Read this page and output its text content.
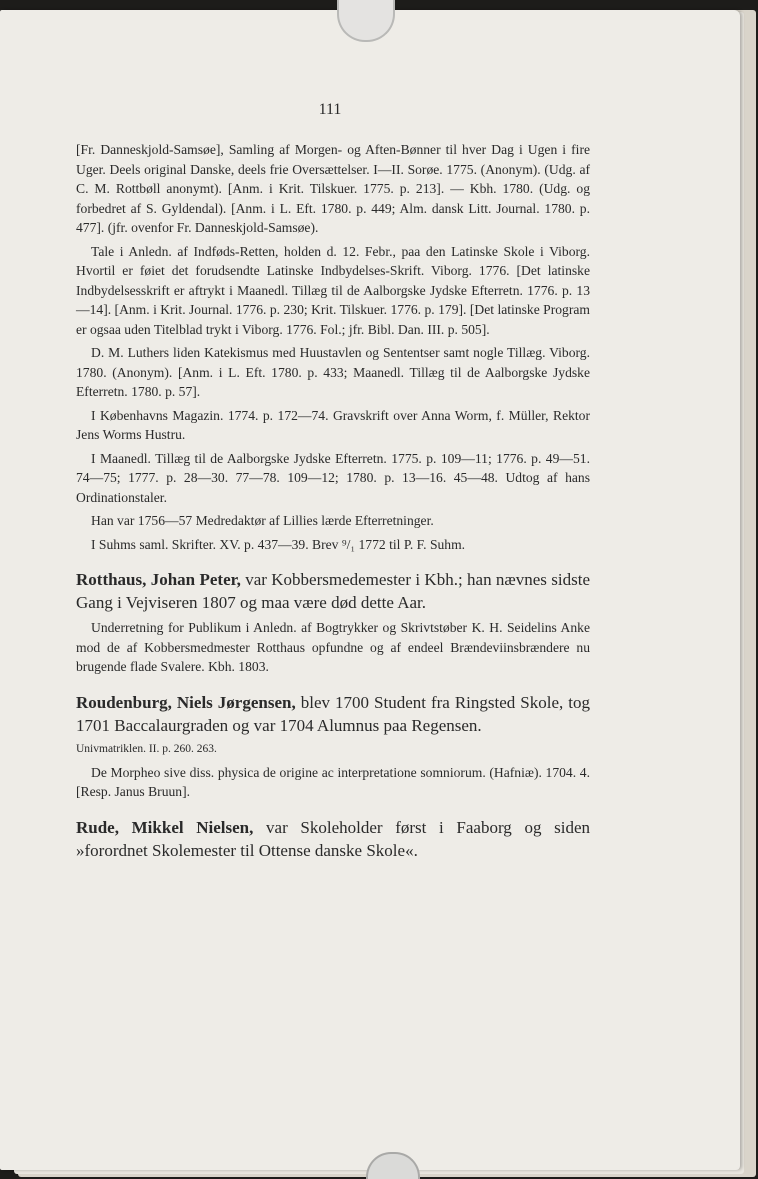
111

[Fr. Danneskjold-Samsøe], Samling af Morgen- og Aften-Bønner til hver Dag i Ugen i fire Uger. Deels original Danske, deels frie Oversættelser. I—II. Sorøe. 1775. (Anonym). (Udg. af C. M. Rottbøll anonymt). [Anm. i Krit. Tilskuer. 1775. p. 213]. — Kbh. 1780. (Udg. og forbedret af S. Gyldendal). [Anm. i L. Eft. 1780. p. 449; Alm. dansk Litt. Journal. 1780. p. 477]. (jfr. ovenfor Fr. Danneskjold-Samsøe).

Tale i Anledn. af Indføds-Retten, holden d. 12. Febr., paa den Latinske Skole i Viborg. Hvortil er føiet det forudsendte Latinske Indbydelses-Skrift. Viborg. 1776. [Det latinske Indbydelsesskrift er aftrykt i Maanedl. Tillæg til de Aalborgske Jydske Efterretn. 1776. p. 13—14]. [Anm. i Krit. Journal. 1776. p. 230; Krit. Tilskuer. 1776. p. 179]. [Det latinske Program er ogsaa uden Titelblad trykt i Viborg. 1776. Fol.; jfr. Bibl. Dan. III. p. 505].

D. M. Luthers liden Katekismus med Huustavlen og Sententser samt nogle Tillæg. Viborg. 1780. (Anonym). [Anm. i L. Eft. 1780. p. 433; Maanedl. Tillæg til de Aalborgske Jydske Efterretn. 1780. p. 57].

I Københavns Magazin. 1774. p. 172—74. Gravskrift over Anna Worm, f. Müller, Rektor Jens Worms Hustru.

I Maanedl. Tillæg til de Aalborgske Jydske Efterretn. 1775. p. 109—11; 1776. p. 49—51. 74—75; 1777. p. 28—30. 77—78. 109—12; 1780. p. 13—16. 45—48. Udtog af hans Ordinationstaler.

Han var 1756—57 Medredaktør af Lillies lærde Efterretninger.

I Suhms saml. Skrifter. XV. p. 437—39. Brev ⁹/₁ 1772 til P. F. Suhm.

Rotthaus, Johan Peter, var Kobbersmedemester i Kbh.; han nævnes sidste Gang i Vejviseren 1807 og maa være død dette Aar.

Underretning for Publikum i Anledn. af Bogtrykker og Skrivtstøber K. H. Seidelins Anke mod de af Kobbersmedmester Rotthaus opfundne og af endeel Brændeviinsbrændere nu brugende flade Svalere. Kbh. 1803.

Roudenburg, Niels Jørgensen, blev 1700 Student fra Ringsted Skole, tog 1701 Baccalaurgraden og var 1704 Alumnus paa Regensen.

Univmatriklen. II. p. 260. 263.

De Morpheo sive diss. physica de origine ac interpretatione somniorum. (Hafniæ). 1704. 4. [Resp. Janus Bruun].

Rude, Mikkel Nielsen, var Skoleholder først i Faaborg og siden »forordnet Skolemester til Ottense danske Skole«.
